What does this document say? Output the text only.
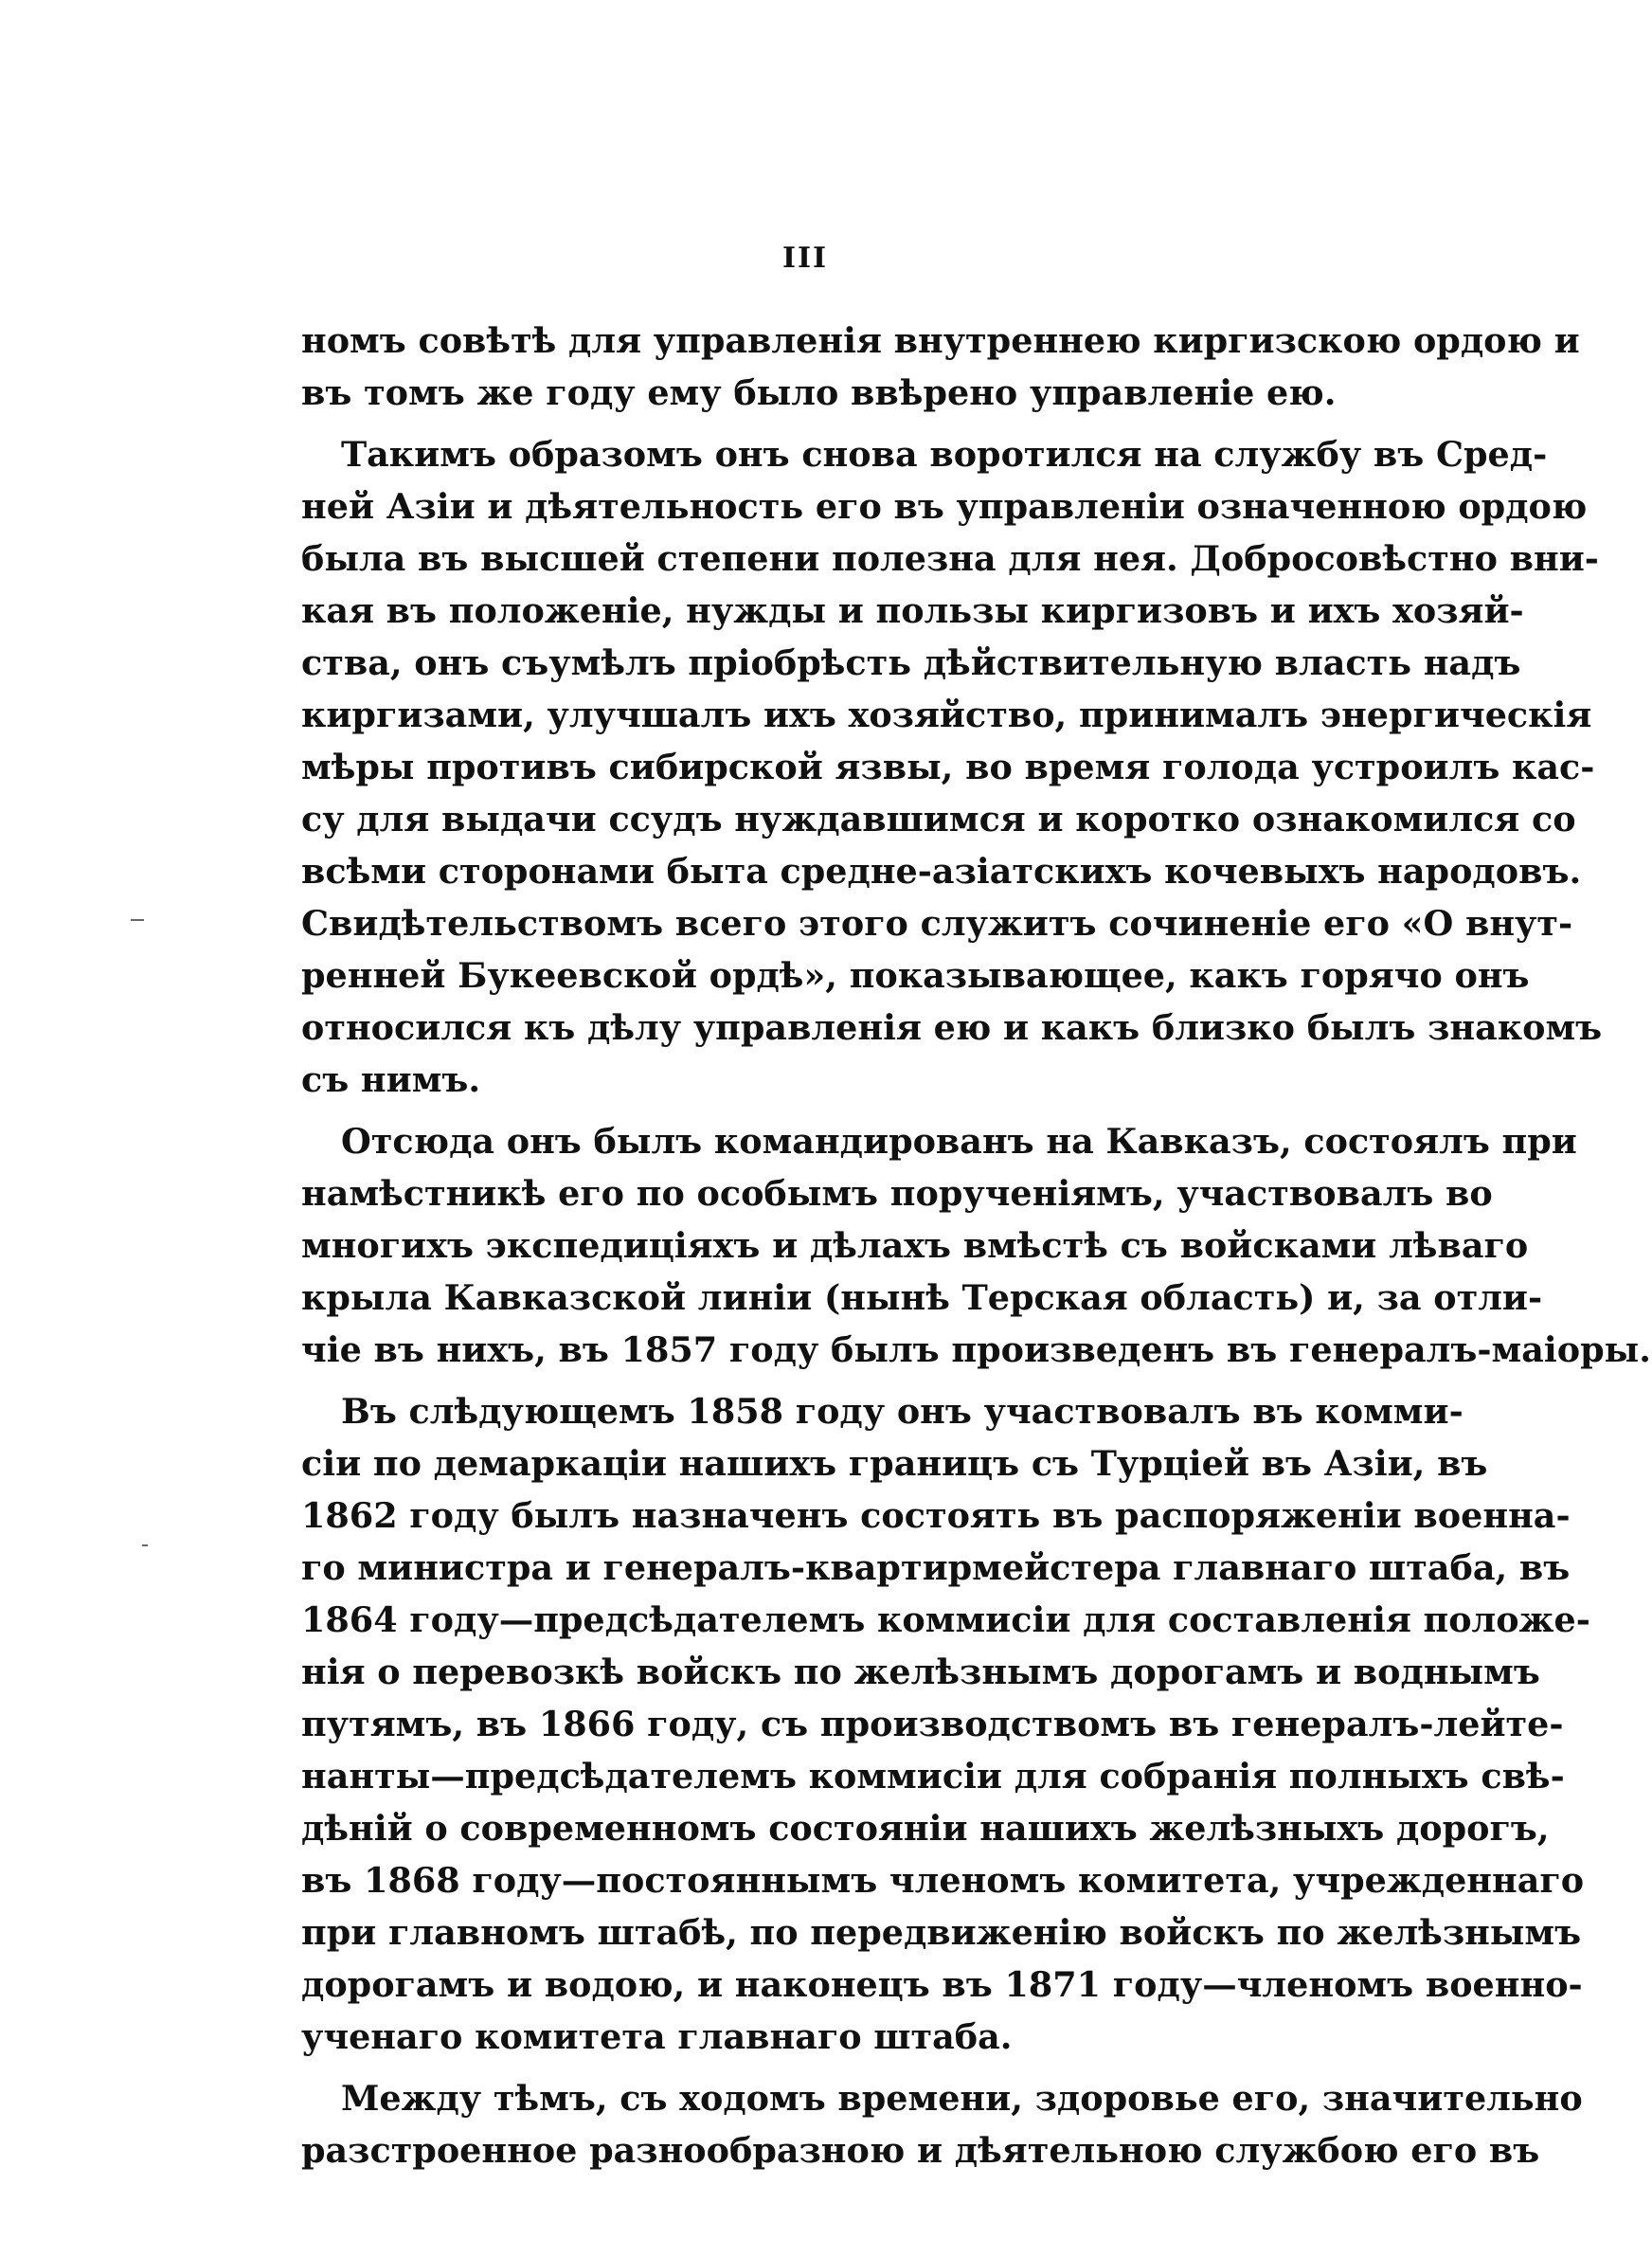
III
номъ совѣтѣ для управленія внутреннею киргизскою ордою и
въ томъ же году ему было ввѣрено управленіе ею.
Такимъ образомъ онъ снова воротился на службу въ Сред-
ней Азіи и дѣятельность его въ управленіи означенною ордою
была въ высшей степени полезна для нея. Добросовѣстно вни-
кая въ положеніе, нужды и пользы киргизовъ и ихъ хозяй-
ства, онъ съумѣлъ пріобрѣсть дѣйствительную власть надъ
киргизами, улучшалъ ихъ хозяйство, принималъ энергическія
мѣры противъ сибирской язвы, во время голода устроилъ кас-
су для выдачи ссудъ нуждавшимся и коротко ознакомился со
всѣми сторонами быта средне-азіатскихъ кочевыхъ народовъ.
Свидѣтельствомъ всего этого служитъ сочиненіе его «О внут-
ренней Букеевской ордѣ», показывающее, какъ горячо онъ
относился къ дѣлу управленія ею и какъ близко былъ знакомъ
съ нимъ.
Отсюда онъ былъ командированъ на Кавказъ, состоялъ при
намѣстникѣ его по особымъ порученіямъ, участвовалъ во
многихъ экспедиціяхъ и дѣлахъ вмѣстѣ съ войсками лѣваго
крыла Кавказской линіи (нынѣ Терская область) и, за отли-
чіе въ нихъ, въ 1857 году былъ произведенъ въ генералъ-маіоры.
Въ слѣдующемъ 1858 году онъ участвовалъ въ комми-
сіи по демаркаціи нашихъ границъ съ Турціей въ Азіи, въ
1862 году былъ назначенъ состоять въ распоряженіи военна-
го министра и генералъ-квартирмейстера главнаго штаба, въ
1864 году—предсѣдателемъ коммисіи для составленія положе-
нія о перевозкѣ войскъ по желѣзнымъ дорогамъ и воднымъ
путямъ, въ 1866 году, съ производствомъ въ генералъ-лейте-
нанты—предсѣдателемъ коммисіи для собранія полныхъ свѣ-
дѣній о современномъ состояніи нашихъ желѣзныхъ дорогъ,
въ 1868 году—постояннымъ членомъ комитета, учрежденнаго
при главномъ штабѣ, по передвиженію войскъ по желѣзнымъ
дорогамъ и водою, и наконецъ въ 1871 году—членомъ военно-
ученаго комитета главнаго штаба.
Между тѣмъ, съ ходомъ времени, здоровье его, значительно
разстроенное разнообразною и дѣятельною службою его въ
